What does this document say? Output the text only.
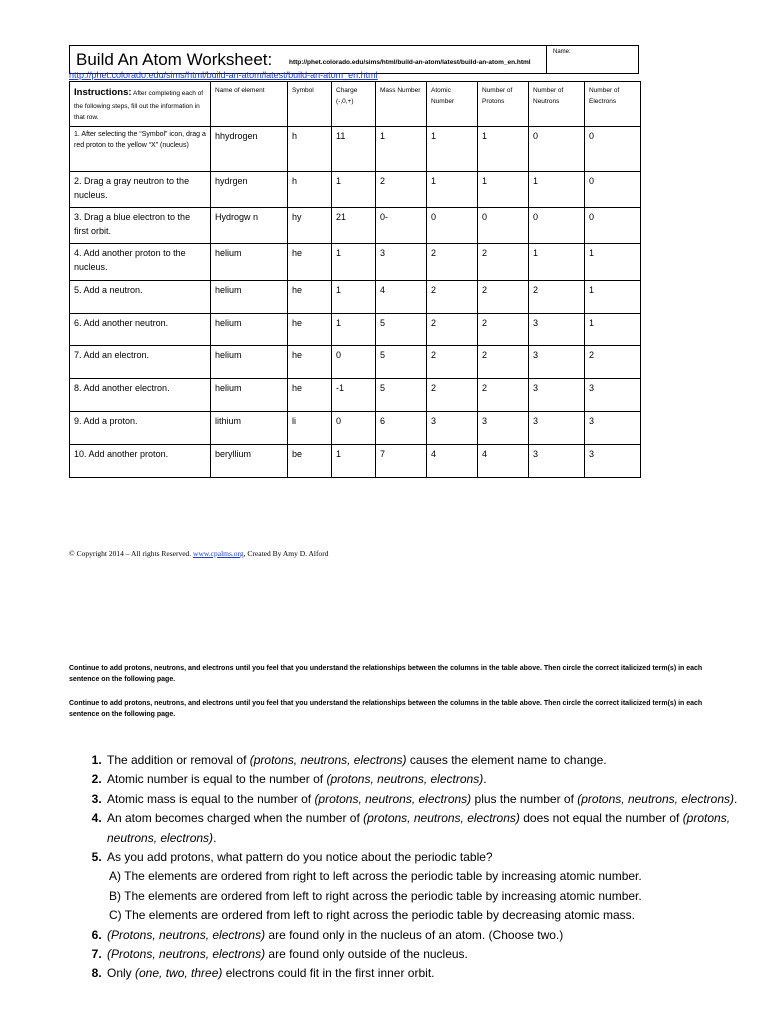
Build An Atom Worksheet:	http://phet.colorado.edu/sims/html/build-an-atom/latest/build-an-atom_en.html
Name:
http://phet.colorado.edu/sims/html/build-an-atom/latest/build-an-atom_en.html
Instructions: After completing each of the following steps, fill out the information in that row.	Name of element	Symbol	Charge (-,0,+)	Mass Number	Atomic Number	Number of Protons	Number of Neutrons	Number of Electrons
1. After selecting the “Symbol” icon, drag a red proton to the yellow “X” (nucleus)	hhydrogen	h	11	1	1	1	0	0
2. Drag a gray neutron to the nucleus.	hydrgen	h	1	2	1	1	1	0
3. Drag a blue electron to the first orbit.	Hydrogw n	hy	21	0-	0	0	0	0
4. Add another proton to the nucleus.	helium	he	1	3	2	2	1	1
5. Add a neutron.	helium	he	1	4	2	2	2	1
6. Add another neutron.	helium	he	1	5	2	2	3	1
7. Add an electron.	helium	he	0	5	2	2	3	2
8. Add another electron.	helium	he	-1	5	2	2	3	3
9. Add a proton.	lithium	li	0	6	3	3	3	3
10. Add another proton.	beryllium	be	1	7	4	4	3	3
© Copyright 2014 – All rights Reserved. www.cpalms.org, Created By Amy D. Alford
Continue to add protons, neutrons, and electrons until you feel that you understand the relationships between the columns in the table above. Then circle the correct italicized term(s) in each sentence on the following page.
Continue to add protons, neutrons, and electrons until you feel that you understand the relationships between the columns in the table above. Then circle the correct italicized term(s) in each sentence on the following page.
1. The addition or removal of (protons, neutrons, electrons) causes the element name to change.
2. Atomic number is equal to the number of (protons, neutrons, electrons).
3. Atomic mass is equal to the number of (protons, neutrons, electrons) plus the number of (protons, neutrons, electrons).
4. An atom becomes charged when the number of (protons, neutrons, electrons) does not equal the number of (protons, neutrons, electrons).
5. As you add protons, what pattern do you notice about the periodic table?
A) The elements are ordered from right to left across the periodic table by increasing atomic number.
B) The elements are ordered from left to right across the periodic table by increasing atomic number.
C) The elements are ordered from left to right across the periodic table by decreasing atomic mass.
6. (Protons, neutrons, electrons) are found only in the nucleus of an atom. (Choose two.)
7. (Protons, neutrons, electrons) are found only outside of the nucleus.
8. Only (one, two, three) electrons could fit in the first inner orbit.
